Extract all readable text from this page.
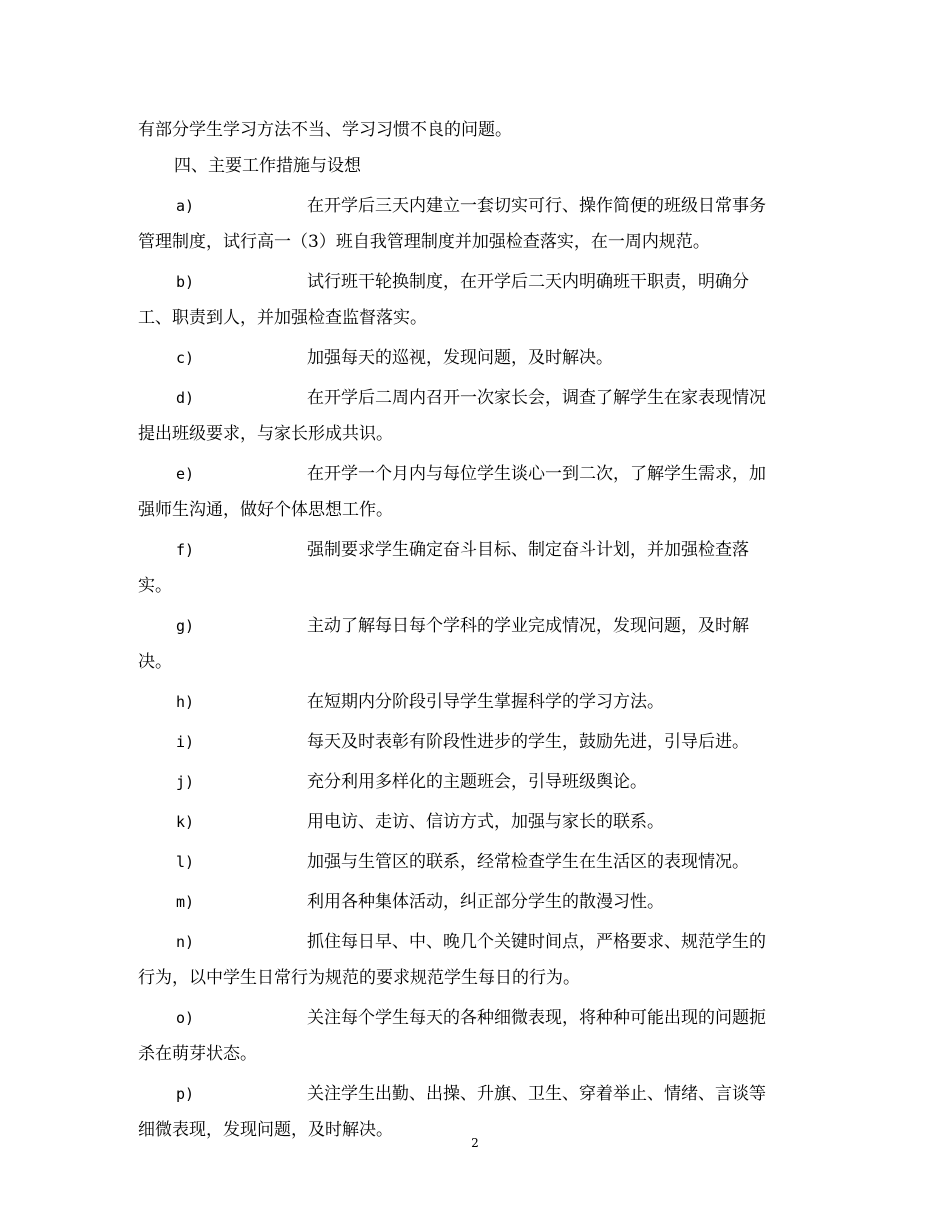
有部分学生学习方法不当、学习习惯不良的问题。
四、主要工作措施与设想
a)	在开学后三天内建立一套切实可行、操作简便的班级日常事务
管理制度，试行高一（3）班自我管理制度并加强检查落实，在一周内规范。
b)	试行班干轮换制度，在开学后二天内明确班干职责，明确分
工、职责到人，并加强检查监督落实。
c)	加强每天的巡视，发现问题，及时解决。
d)	在开学后二周内召开一次家长会，调查了解学生在家表现情况
提出班级要求，与家长形成共识。
e)	在开学一个月内与每位学生谈心一到二次，了解学生需求，加
强师生沟通，做好个体思想工作。
f)	强制要求学生确定奋斗目标、制定奋斗计划，并加强检查落
实。
g)	主动了解每日每个学科的学业完成情况，发现问题，及时解
决。
h)	在短期内分阶段引导学生掌握科学的学习方法。
i)	每天及时表彰有阶段性进步的学生，鼓励先进，引导后进。
j)	充分利用多样化的主题班会，引导班级舆论。
k)	用电访、走访、信访方式，加强与家长的联系。
l)	加强与生管区的联系，经常检查学生在生活区的表现情况。
m)	利用各种集体活动，纠正部分学生的散漫习性。
n)	抓住每日早、中、晚几个关键时间点，严格要求、规范学生的
行为，以中学生日常行为规范的要求规范学生每日的行为。
o)	关注每个学生每天的各种细微表现，将种种可能出现的问题扼
杀在萌芽状态。
p)	关注学生出勤、出操、升旗、卫生、穿着举止、情绪、言谈等
细微表现，发现问题，及时解决。
2
